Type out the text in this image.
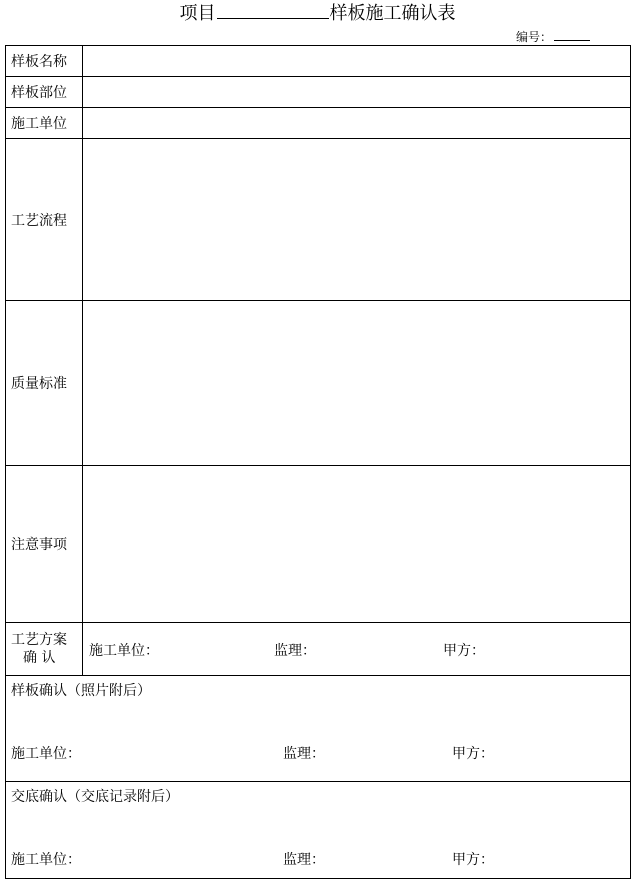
项目	样板施工确认表
编号：
样板名称	
样板部位	
施工单位	
工艺流程	
质量标准	
注意事项	

工艺方案
确 认	施工单位： 监理： 甲方：

样板确认（照片附后）
施工单位： 监理： 甲方：	

交底确认（交底记录附后）
施工单位： 监理： 甲方：	
